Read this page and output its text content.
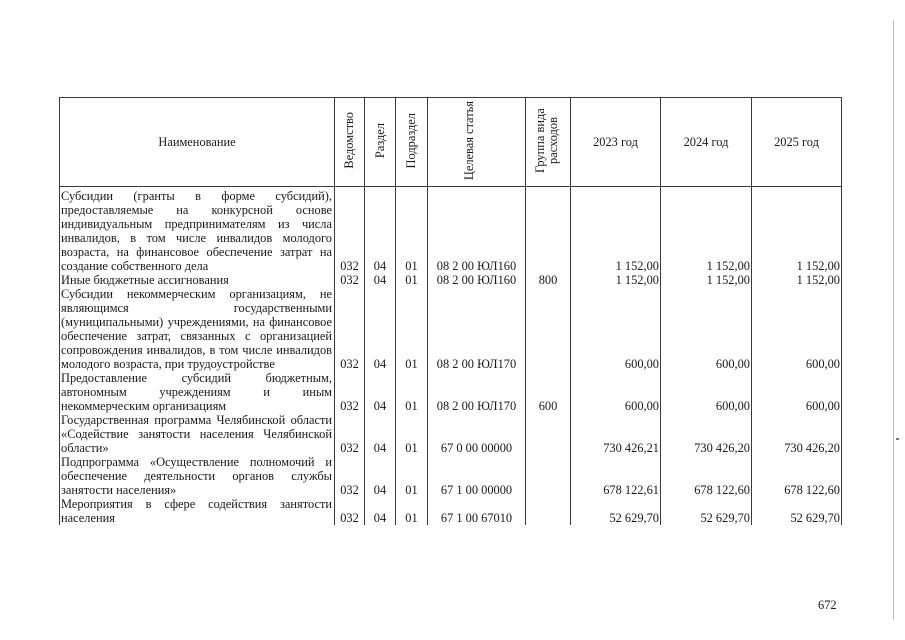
Наименование	Ведомство	Раздел	Подраздел	Целевая статья	Группа вида расходов	2023 год	2024 год	2025 год
Субсидии (гранты в форме субсидий), предоставляемые на конкурсной основе индивидуальным предпринимателям из числа инвалидов, в том числе инвалидов молодого возраста, на финансовое обеспечение затрат на создание собственного дела	032	04	01	08 2 00 ЮЛ160		1 152,00	1 152,00	1 152,00
Иные бюджетные ассигнования	032	04	01	08 2 00 ЮЛ160	800	1 152,00	1 152,00	1 152,00
Субсидии некоммерческим организациям, не являющимся государственными (муниципальными) учреждениями, на финансовое обеспечение затрат, связанных с организацией сопровождения инвалидов, в том числе инвалидов молодого возраста, при трудоустройстве	032	04	01	08 2 00 ЮЛ170		600,00	600,00	600,00
Предоставление субсидий бюджетным, автономным учреждениям и иным некоммерческим организациям	032	04	01	08 2 00 ЮЛ170	600	600,00	600,00	600,00
Государственная программа Челябинской области «Содействие занятости населения Челябинской области»	032	04	01	67 0 00 00000		730 426,21	730 426,20	730 426,20
Подпрограмма «Осуществление полномочий и обеспечение деятельности органов службы занятости населения»	032	04	01	67 1 00 00000		678 122,61	678 122,60	678 122,60
Мероприятия в сфере содействия занятости населения	032	04	01	67 1 00 67010		52 629,70	52 629,70	52 629,70
672
